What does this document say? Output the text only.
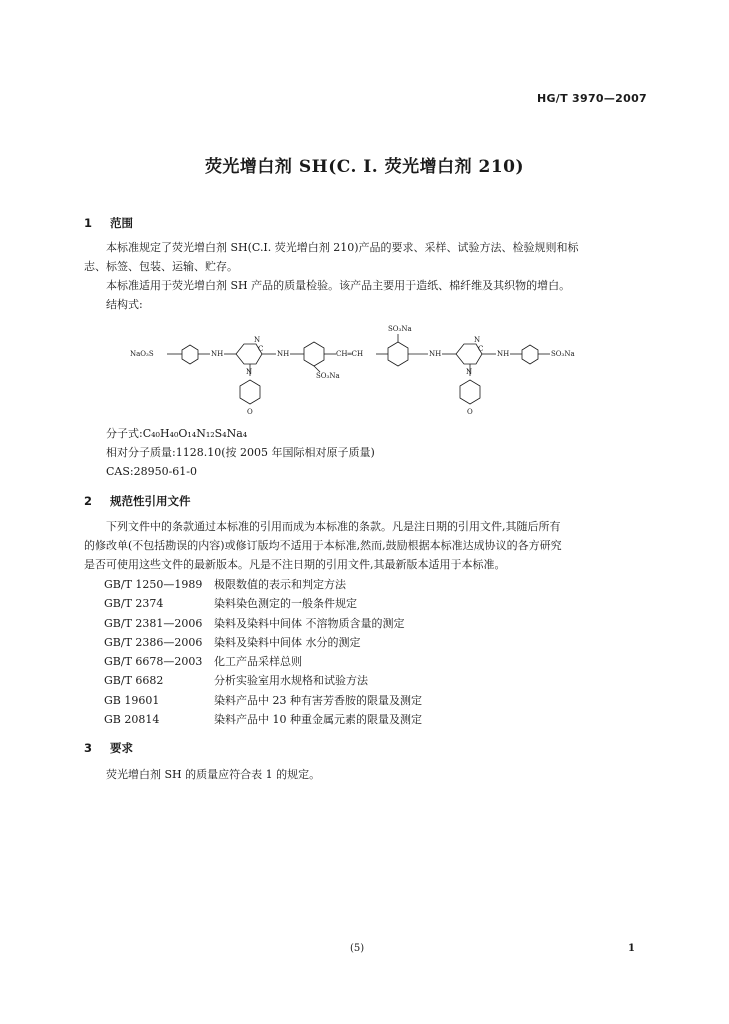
HG/T 3970—2007
荧光增白剂 SH(C. I. 荧光增白剂 210)
1 范围
本标准规定了荧光增白剂 SH(C.I. 荧光增白剂 210)产品的要求、采样、试验方法、检验规则和标
志、标签、包装、运输、贮存。
本标准适用于荧光增白剂 SH 产品的质量检验。该产品主要用于造纸、棉纤维及其织物的增白。
结构式:
NaO₃S	NH	NH	CH═CH
SO₃Na
SO₃Na
NH	NH	SO₃Na
N	N
N	N
C	C
O	O
分子式:C₄₀H₄₀O₁₄N₁₂S₄Na₄
相对分子质量:1128.10(按 2005 年国际相对原子质量)
CAS:28950-61-0
2 规范性引用文件
下列文件中的条款通过本标准的引用而成为本标准的条款。凡是注日期的引用文件,其随后所有
的修改单(不包括勘误的内容)或修订版均不适用于本标准,然而,鼓励根据本标准达成协议的各方研究
是否可使用这些文件的最新版本。凡是不注日期的引用文件,其最新版本适用于本标准。
GB/T 1250—1989 极限数值的表示和判定方法
GB/T 2374	染料染色测定的一般条件规定
GB/T 2381—2006 染料及染料中间体 不溶物质含量的测定
GB/T 2386—2006 染料及染料中间体 水分的测定
GB/T 6678—2003 化工产品采样总则
GB/T 6682	分析实验室用水规格和试验方法
GB 19601	染料产品中 23 种有害芳香胺的限量及测定
GB 20814	染料产品中 10 种重金属元素的限量及测定
3 要求
荧光增白剂 SH 的质量应符合表 1 的规定。
(5)	1
